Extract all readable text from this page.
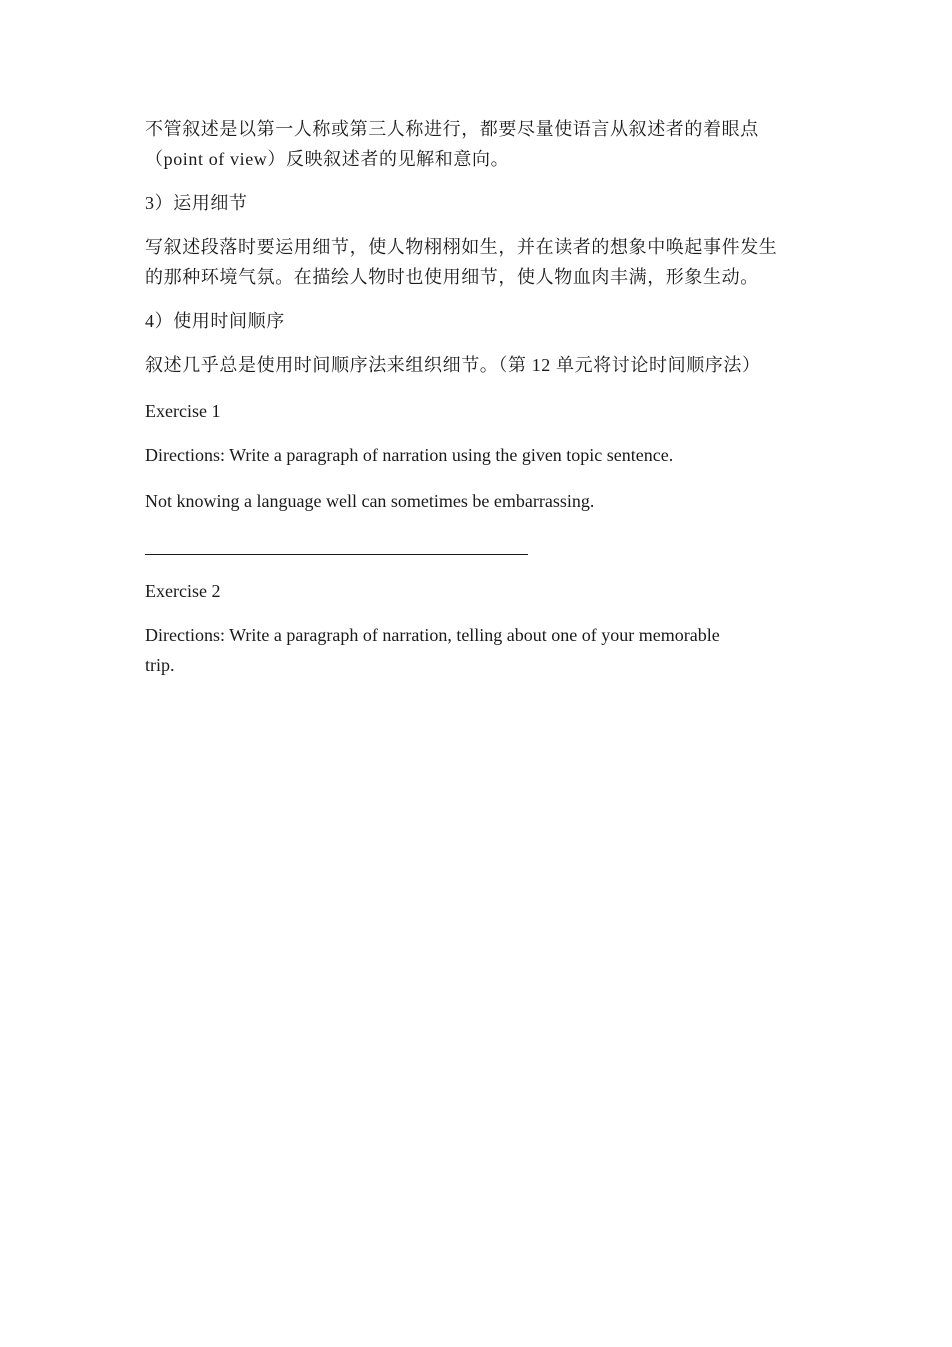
不管叙述是以第一人称或第三人称进行，都要尽量使语言从叙述者的着眼点

（point of view）反映叙述者的见解和意向。

3）运用细节

写叙述段落时要运用细节，使人物栩栩如生，并在读者的想象中唤起事件发生

的那种环境气氛。在描绘人物时也使用细节，使人物血肉丰满，形象生动。

4）使用时间顺序

叙述几乎总是使用时间顺序法来组织细节。（第 12 单元将讨论时间顺序法）

Exercise 1

Directions: Write a paragraph of narration using the given topic sentence.

Not knowing a language well can sometimes be embarrassing.

Exercise 2

Directions: Write a paragraph of narration, telling about one of your memorable

trip.
